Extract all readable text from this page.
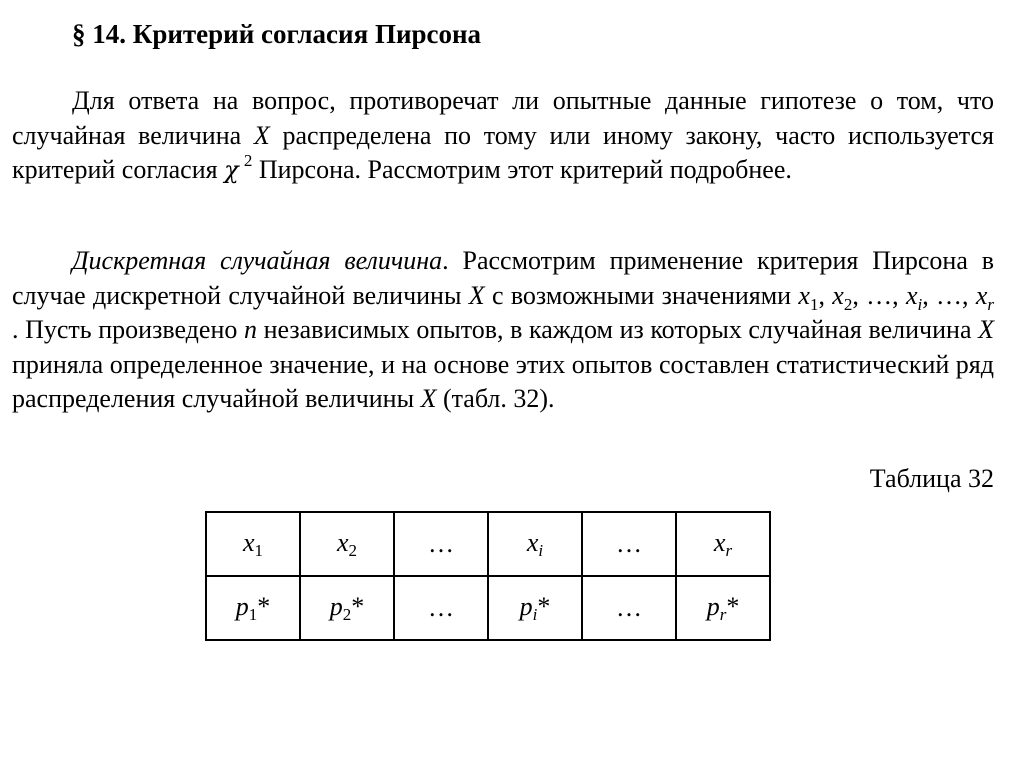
§ 14. Критерий согласия Пирсона

Для ответа на вопрос, противоречат ли опытные данные гипотезе о том, что случайная величина X распределена по тому или иному закону, часто используется критерий согласия χ  $^2$ Пирсона. Рассмотрим этот критерий подробнее.

Дискретная случайная величина. Рассмотрим применение критерия Пирсона в случае дискретной случайной величины X с возможными значениями $x_1$, $x_2$, …, $x_i$, …, $x_r$ . Пусть произведено n независимых опытов, в каждом из которых случайная величина X приняла определенное значение, и на основе этих опытов составлен статистический ряд распределения случайной величины X (табл. 32).

Таблица 32
x1	x2	…	xi	…	xr
p1*	p2*	…	pi*	…	pr*
